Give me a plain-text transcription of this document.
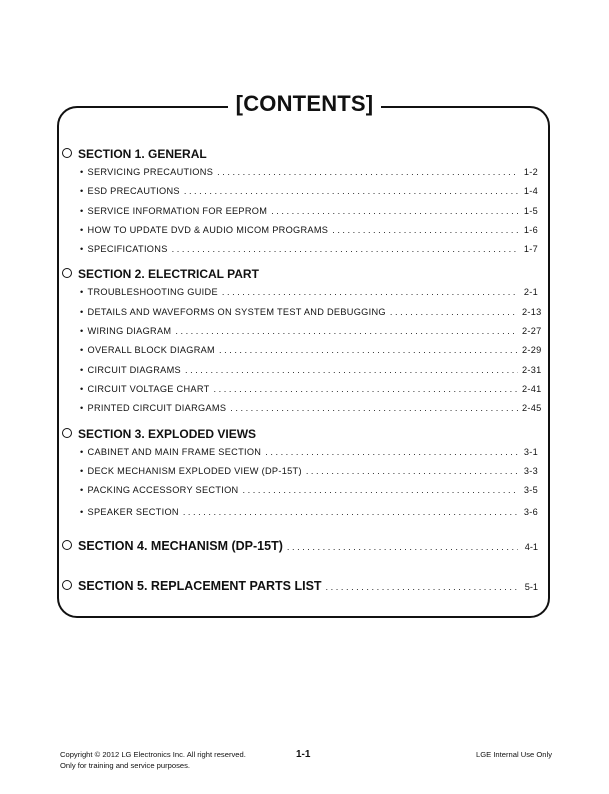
[CONTENTS]
SECTION 1. GENERAL
• SERVICING PRECAUTIONS . . .	1-2
• ESD PRECAUTIONS . . .	1-4
• SERVICE INFORMATION FOR EEPROM . . .	1-5
• HOW TO UPDATE DVD & AUDIO MICOM PROGRAMS . . .	1-6
• SPECIFICATIONS . . .	1-7
SECTION 2. ELECTRICAL PART
• TROUBLESHOOTING GUIDE . . .	2-1
• DETAILS AND WAVEFORMS ON SYSTEM TEST AND DEBUGGING . . .	2-13
• WIRING DIAGRAM . . .	2-27
• OVERALL BLOCK DIAGRAM . . .	2-29
• CIRCUIT DIAGRAMS . . .	2-31
• CIRCUIT VOLTAGE CHART . . .	2-41
• PRINTED CIRCUIT DIARGAMS . . .	2-45
SECTION 3. EXPLODED VIEWS
• CABINET AND MAIN FRAME SECTION . . .	3-1
• DECK MECHANISM EXPLODED VIEW (DP-15T) . . .	3-3
• PACKING ACCESSORY SECTION . . .	3-5
• SPEAKER SECTION . . .	3-6
SECTION 4. MECHANISM (DP-15T) . . .	4-1
SECTION 5. REPLACEMENT PARTS LIST . . .	5-1
Copyright © 2012 LG Electronics Inc. All right reserved.
Only for training and service purposes.
1-1	LGE Internal Use Only
